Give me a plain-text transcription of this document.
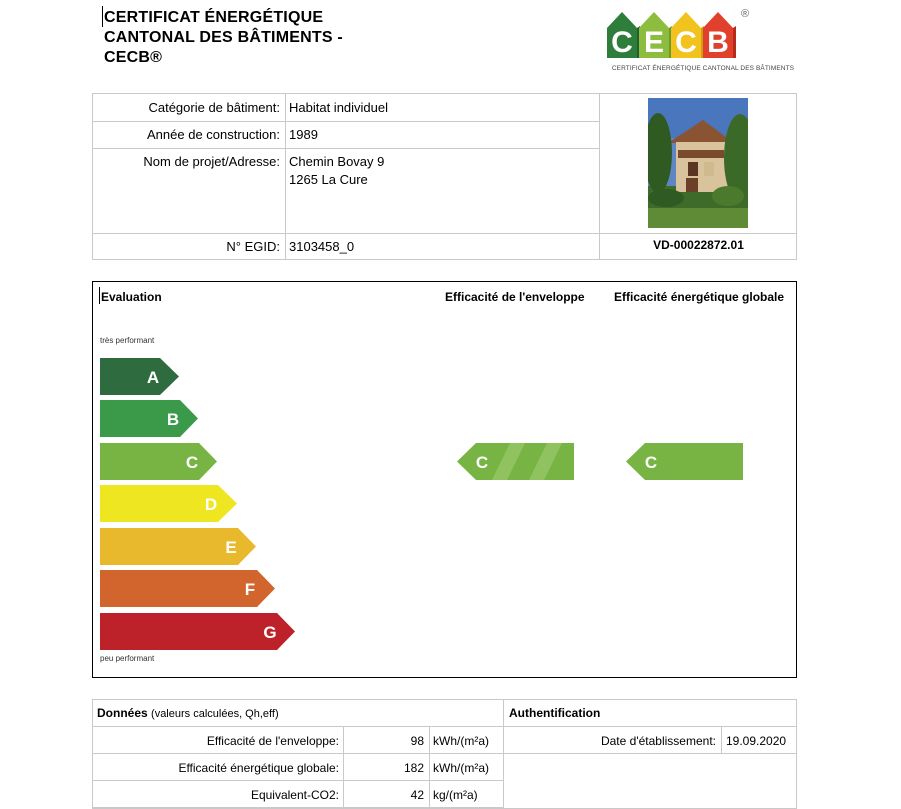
CERTIFICAT ÉNERGÉTIQUE
CANTONAL DES BÂTIMENTS -
CECB®	C E C B
®
CERTIFICAT ÉNERGÉTIQUE CANTONAL DES BÂTIMENTS
Catégorie de bâtiment: Habitat individuel
Année de construction: 1989
Nom de projet/Adresse: Chemin Bovay 9
1265 La Cure
N° EGID: 3103458_0	VD-00022872.01
Evaluation	Efficacité de l'enveloppe Efficacité énergétique globale
très performant
A
B
C
D
E
F
G
peu performant
C	C
Données (valeurs calculées, Qh,eff)	Authentification
Efficacité de l'enveloppe:	98 kWh/(m²a)
Efficacité énergétique globale:	182 kWh/(m²a)
Equivalent-CO2:	42 kg/(m²a)
Date d'établissement: 19.09.2020
